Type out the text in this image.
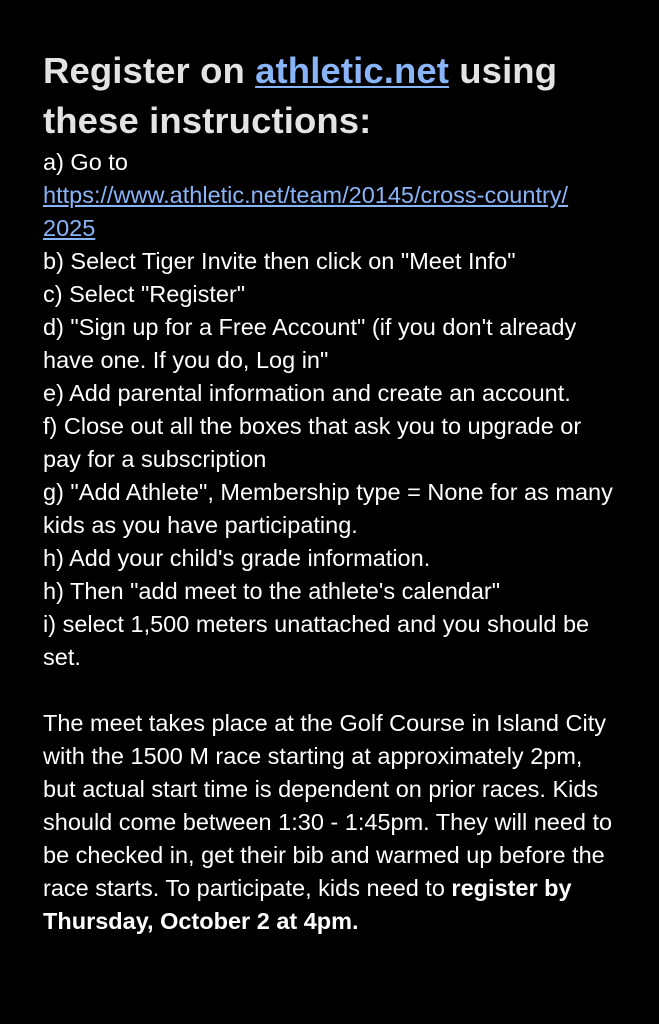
Register on athletic.net using these instructions:
a) Go to
https://www.athletic.net/team/20145/cross-country/
2025
b) Select Tiger Invite then click on "Meet Info"
c) Select "Register"
d) "Sign up for a Free Account" (if you don't already have one. If you do, Log in"
e) Add parental information and create an account.
f) Close out all the boxes that ask you to upgrade or pay for a subscription
g) "Add Athlete", Membership type = None for as many kids as you have participating.
h) Add your child's grade information.
h) Then "add meet to the athlete's calendar"
i) select 1,500 meters unattached and you should be set.

The meet takes place at the Golf Course in Island City with the 1500 M race starting at approximately 2pm, but actual start time is dependent on prior races. Kids should come between 1:30 - 1:45pm. They will need to be checked in, get their bib and warmed up before the race starts. To participate, kids need to register by Thursday, October 2 at 4pm.
